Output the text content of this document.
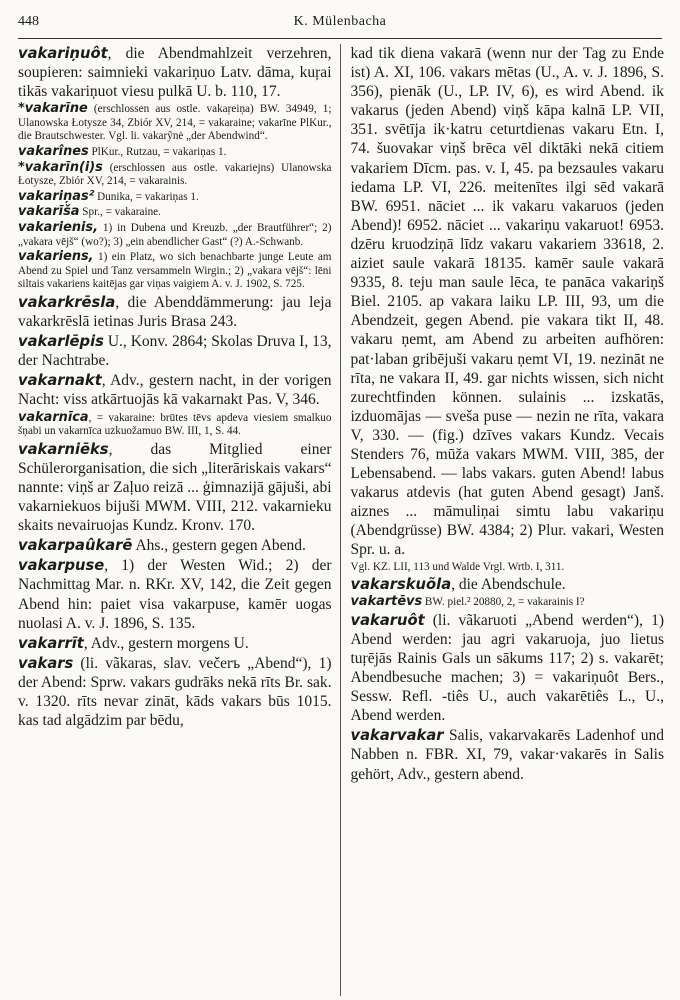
448	K. Mülenbacha

vakariņuôt, die Abendmahlzeit verzehren, soupieren: saimnieki vakariņuo Latv. dāma, kuŗai tikās vakariņuot viesu pulkā U. b. 110, 17.

*vakarīne (erschlossen aus ostle. vakaŗeiņa) BW. 34949, 1; Ulanowska Łotysze 34, Zbiór XV, 214, = vakaraine; vakarīne PlKur., die Brautschwester. Vgl. li. vakarỹnė „der Abendwind“.

vakarînes PlKur., Rutzau, = vakariņas 1.

*vakarīn(i)s (erschlossen aus ostle. vakariejns) Ulanowska Łotysze, Zbiór XV, 214, = vakarainis.

vakariņas² Dunika, = vakariņas 1.

vakarīša Spr., = vakaraine.

vakarienis, 1) in Dubena und Kreuzb. „der Brautführer“; 2) „vakara vējš“ (wo?); 3) „ein abendlicher Gast“ (?) A.-Schwanb.

vakariens, 1) ein Platz, wo sich benachbarte junge Leute am Abend zu Spiel und Tanz versammeln Wirgin.; 2) „vakara vējš“: lēni siltais vakariens kaitējas gar viņas vaigiem A. v. J. 1902, S. 725.

vakarkrēsla, die Abenddämmerung: jau leja vakarkrēslā ietinas Juris Brasa 243.

vakarlēpis U., Konv. 2864; Skolas Druva I, 13, der Nachtrabe.

vakarnakt, Adv., gestern nacht, in der vorigen Nacht: viss atkārtuojās kā vakarnakt Pas. V, 346.

vakarnīca, = vakaraine: brūtes tēvs apdeva viesiem smalkuo šņabi un vakarnīca uzkuožamuo BW. III, 1, S. 44.

vakarniēks, das Mitglied einer Schülerorganisation, die sich „literāriskais vakars“ nannte: viņš ar Zaļuo reizā ... ģimnazijā gājuši, abi vakarniekuos bijuši MWM. VIII, 212. vakarnieku skaits nevairuojas Kundz. Kronv. 170.

vakarpaûkarē Ahs., gestern gegen Abend.

vakarpuse, 1) der Westen Wid.; 2) der Nachmittag Mar. n. RKr. XV, 142, die Zeit gegen Abend hin: paiet visa vakarpuse, kamēr uogas nuolasi A. v. J. 1896, S. 135.

vakarrīt, Adv., gestern morgens U.

vakars (li. vãkaras, slav. večerъ „Abend“), 1) der Abend: Sprw. vakars gudrāks nekā rīts Br. sak. v. 1320. rīts nevar zināt, kāds vakars būs 1015. kas tad algādzim par bēdu,

kad tik diena vakarā (wenn nur der Tag zu Ende ist) A. XI, 106. vakars mētas (U., A. v. J. 1896, S. 356), pienāk (U., LP. IV, 6), es wird Abend. ik vakarus (jeden Abend) viņš kāpa kalnā LP. VII, 351. svētīja ik·katru ceturtdienas vakaru Etn. I, 74. šuovakar viņš brēca vēl diktāki nekā citiem vakariem Dīcm. pas. v. I, 45. pa bezsaules vakaru iedama LP. VI, 226. meitenītes ilgi sēd vakarā BW. 6951. nāciet ... ik vakaru vakaruos (jeden Abend)! 6952. nāciet ... vakariņu vakaruot! 6953. dzēru kruodziņā līdz vakaru vakariem 33618, 2. aiziet saule vakarā 18135. kamēr saule vakarā 9335, 8. teju man saule lēca, te panāca vakariņš Biel. 2105. ap vakara laiku LP. III, 93, um die Abendzeit, gegen Abend. pie vakara tikt II, 48. vakaru ņemt, am Abend zu arbeiten aufhören: pat·laban gribējuši vakaru ņemt VI, 19. nezināt ne rīta, ne vakara II, 49. gar nichts wissen, sich nicht zurechtfinden können. sulainis ... izskatās, izduomājas — svešа puse — nezin ne rīta, vakara V, 330. — (fig.) dzīves vakars Kundz. Vecais Stenders 76, mūža vakars MWM. VIII, 385, der Lebensabend. — labs vakars. guten Abend! labus vakarus atdevis (hat guten Abend gesagt) Janš. aiznes ... māmuliņai simtu labu vakariņu (Abendgrüsse) BW. 4384; 2) Plur. vakari, Westen Spr. u. a.

Vgl. KZ. LII, 113 und Walde Vrgl. Wrtb. I, 311.

vakarskuõla, die Abendschule.

vakartēvs BW. piel.² 20880, 2, = vakarainis I?

vakaruôt (li. vãkaruoti „Abend werden“), 1) Abend werden: jau agri vakaruoja, juo lietus tuŗējās Rainis Gals un sākums 117; 2) s. vakarēt; Abendbesuche machen; 3) = vakariņuôt Bers., Sessw. Refl. -tiês U., auch vakarētiês L., U., Abend werden.

vakarvakar Salis, vakarvakarēs Ladenhof und Nabben n. FBR. XI, 79, vakar·vakarēs in Salis gehört, Adv., gestern abend.
